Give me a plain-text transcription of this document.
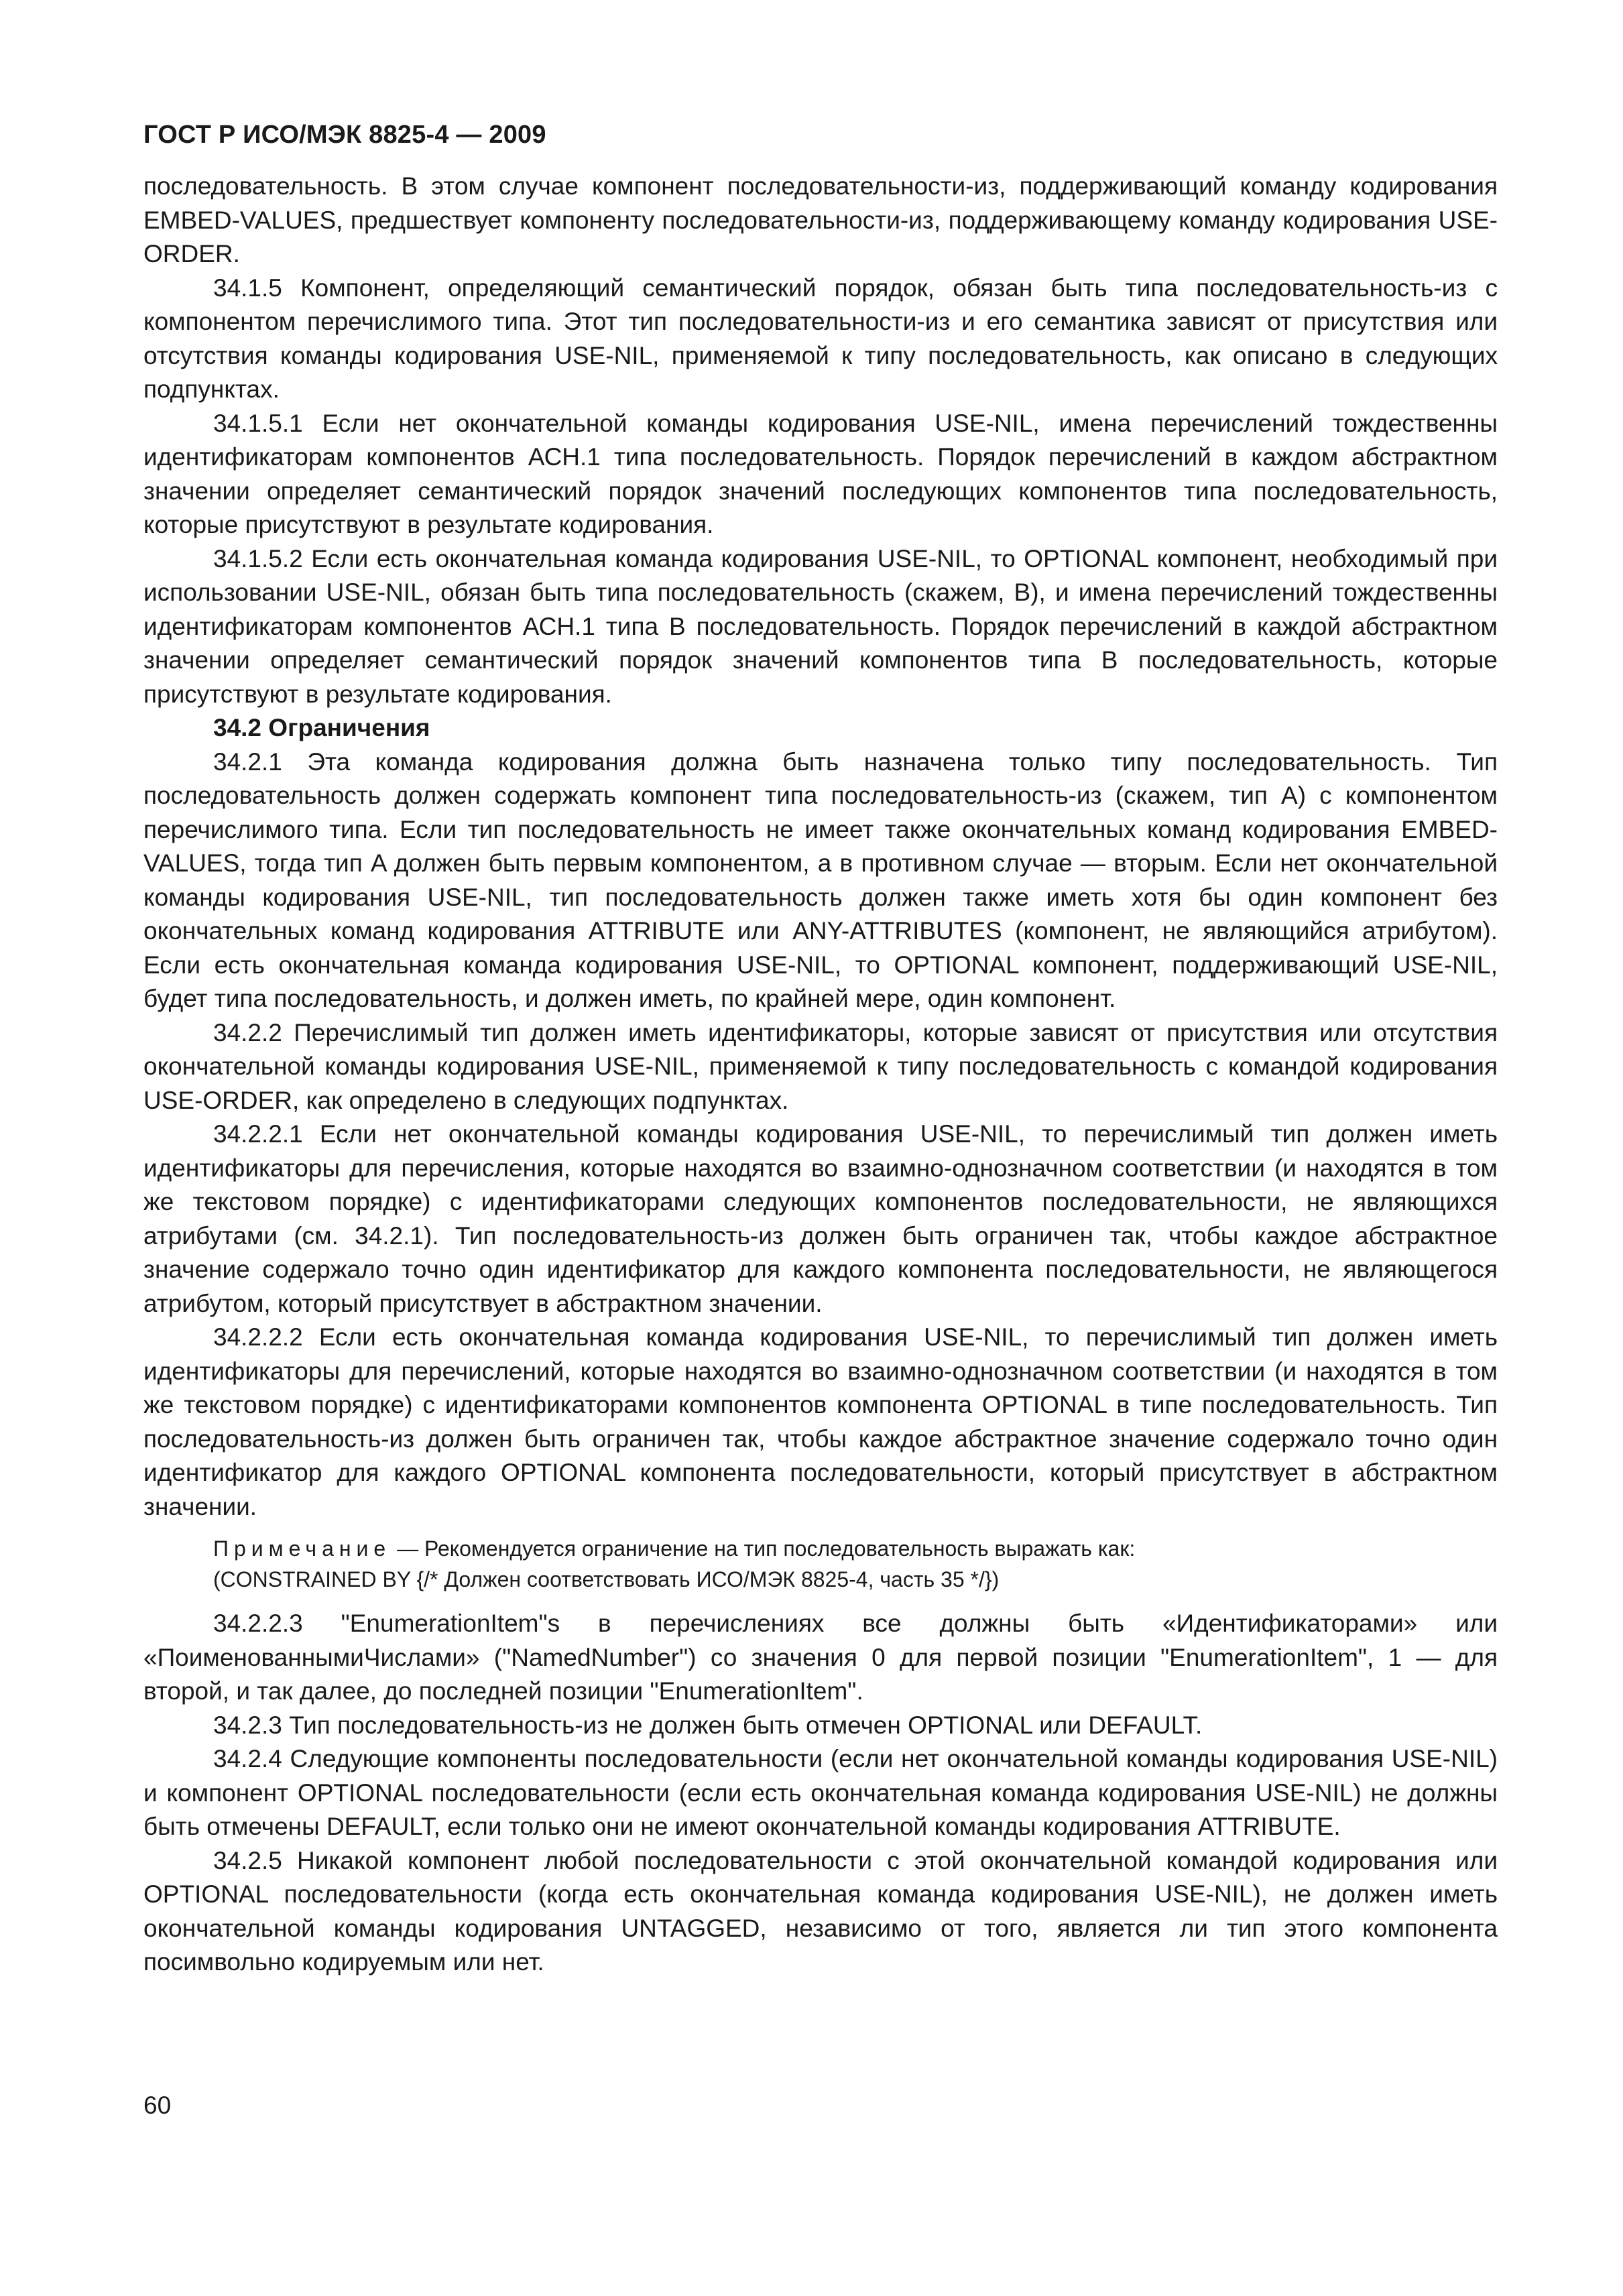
ГОСТ Р ИСО/МЭК 8825-4 — 2009

последовательность. В этом случае компонент последовательности-из, поддерживающий команду кодирования EMBED-VALUES, предшествует компоненту последовательности-из, поддерживающему команду кодирования USE-ORDER.

34.1.5 Компонент, определяющий семантический порядок, обязан быть типа последовательность-из с компонентом перечислимого типа. Этот тип последовательности-из и его семантика зависят от присутствия или отсутствия команды кодирования USE-NIL, применяемой к типу последовательность, как описано в следующих подпунктах.

34.1.5.1 Если нет окончательной команды кодирования USE-NIL, имена перечислений тождественны идентификаторам компонентов АСН.1 типа последовательность. Порядок перечислений в каждом абстрактном значении определяет семантический порядок значений последующих компонентов типа последовательность, которые присутствуют в результате кодирования.

34.1.5.2 Если есть окончательная команда кодирования USE-NIL, то OPTIONAL компонент, необходимый при использовании USE-NIL, обязан быть типа последовательность (скажем, B), и имена перечислений тождественны идентификаторам компонентов АСН.1 типа B последовательность. Порядок перечислений в каждой абстрактном значении определяет семантический порядок значений компонентов типа B последовательность, которые присутствуют в результате кодирования.

34.2 Ограничения

34.2.1 Эта команда кодирования должна быть назначена только типу последовательность. Тип последовательность должен содержать компонент типа последовательность-из (скажем, тип A) с компонентом перечислимого типа. Если тип последовательность не имеет также окончательных команд кодирования EMBED-VALUES, тогда тип A должен быть первым компонентом, а в противном случае — вторым. Если нет окончательной команды кодирования USE-NIL, тип последовательность должен также иметь хотя бы один компонент без окончательных команд кодирования ATTRIBUTE или ANY-ATTRIBUTES (компонент, не являющийся атрибутом). Если есть окончательная команда кодирования USE-NIL, то OPTIONAL компонент, поддерживающий USE-NIL, будет типа последовательность, и должен иметь, по крайней мере, один компонент.

34.2.2 Перечислимый тип должен иметь идентификаторы, которые зависят от присутствия или отсутствия окончательной команды кодирования USE-NIL, применяемой к типу последовательность с командой кодирования USE-ORDER, как определено в следующих подпунктах.

34.2.2.1 Если нет окончательной команды кодирования USE-NIL, то перечислимый тип должен иметь идентификаторы для перечисления, которые находятся во взаимно-однозначном соответствии (и находятся в том же текстовом порядке) с идентификаторами следующих компонентов последовательности, не являющихся атрибутами (см. 34.2.1). Тип последовательность-из должен быть ограничен так, чтобы каждое абстрактное значение содержало точно один идентификатор для каждого компонента последовательности, не являющегося атрибутом, который присутствует в абстрактном значении.

34.2.2.2 Если есть окончательная команда кодирования USE-NIL, то перечислимый тип должен иметь идентификаторы для перечислений, которые находятся во взаимно-однозначном соответствии (и находятся в том же текстовом порядке) с идентификаторами компонентов компонента OPTIONAL в типе последовательность. Тип последовательность-из должен быть ограничен так, чтобы каждое абстрактное значение содержало точно один идентификатор для каждого OPTIONAL компонента последовательности, который присутствует в абстрактном значении.

Примечание — Рекомендуется ограничение на тип последовательность выражать как:
(CONSTRAINED BY {/* Должен соответствовать ИСО/МЭК 8825-4, часть 35 */})

34.2.2.3 "EnumerationItem"s в перечислениях все должны быть «Идентификаторами» или «ПоименованнымиЧислами» ("NamedNumber") со значения 0 для первой позиции "EnumerationItem", 1 — для второй, и так далее, до последней позиции "EnumerationItem".

34.2.3 Тип последовательность-из не должен быть отмечен OPTIONAL или DEFAULT.

34.2.4 Следующие компоненты последовательности (если нет окончательной команды кодирования USE-NIL) и компонент OPTIONAL последовательности (если есть окончательная команда кодирования USE-NIL) не должны быть отмечены DEFAULT, если только они не имеют окончательной команды кодирования ATTRIBUTE.

34.2.5 Никакой компонент любой последовательности с этой окончательной командой кодирования или OPTIONAL последовательности (когда есть окончательная команда кодирования USE-NIL), не должен иметь окончательной команды кодирования UNTAGGED, независимо от того, является ли тип этого компонента посимвольно кодируемым или нет.

60
